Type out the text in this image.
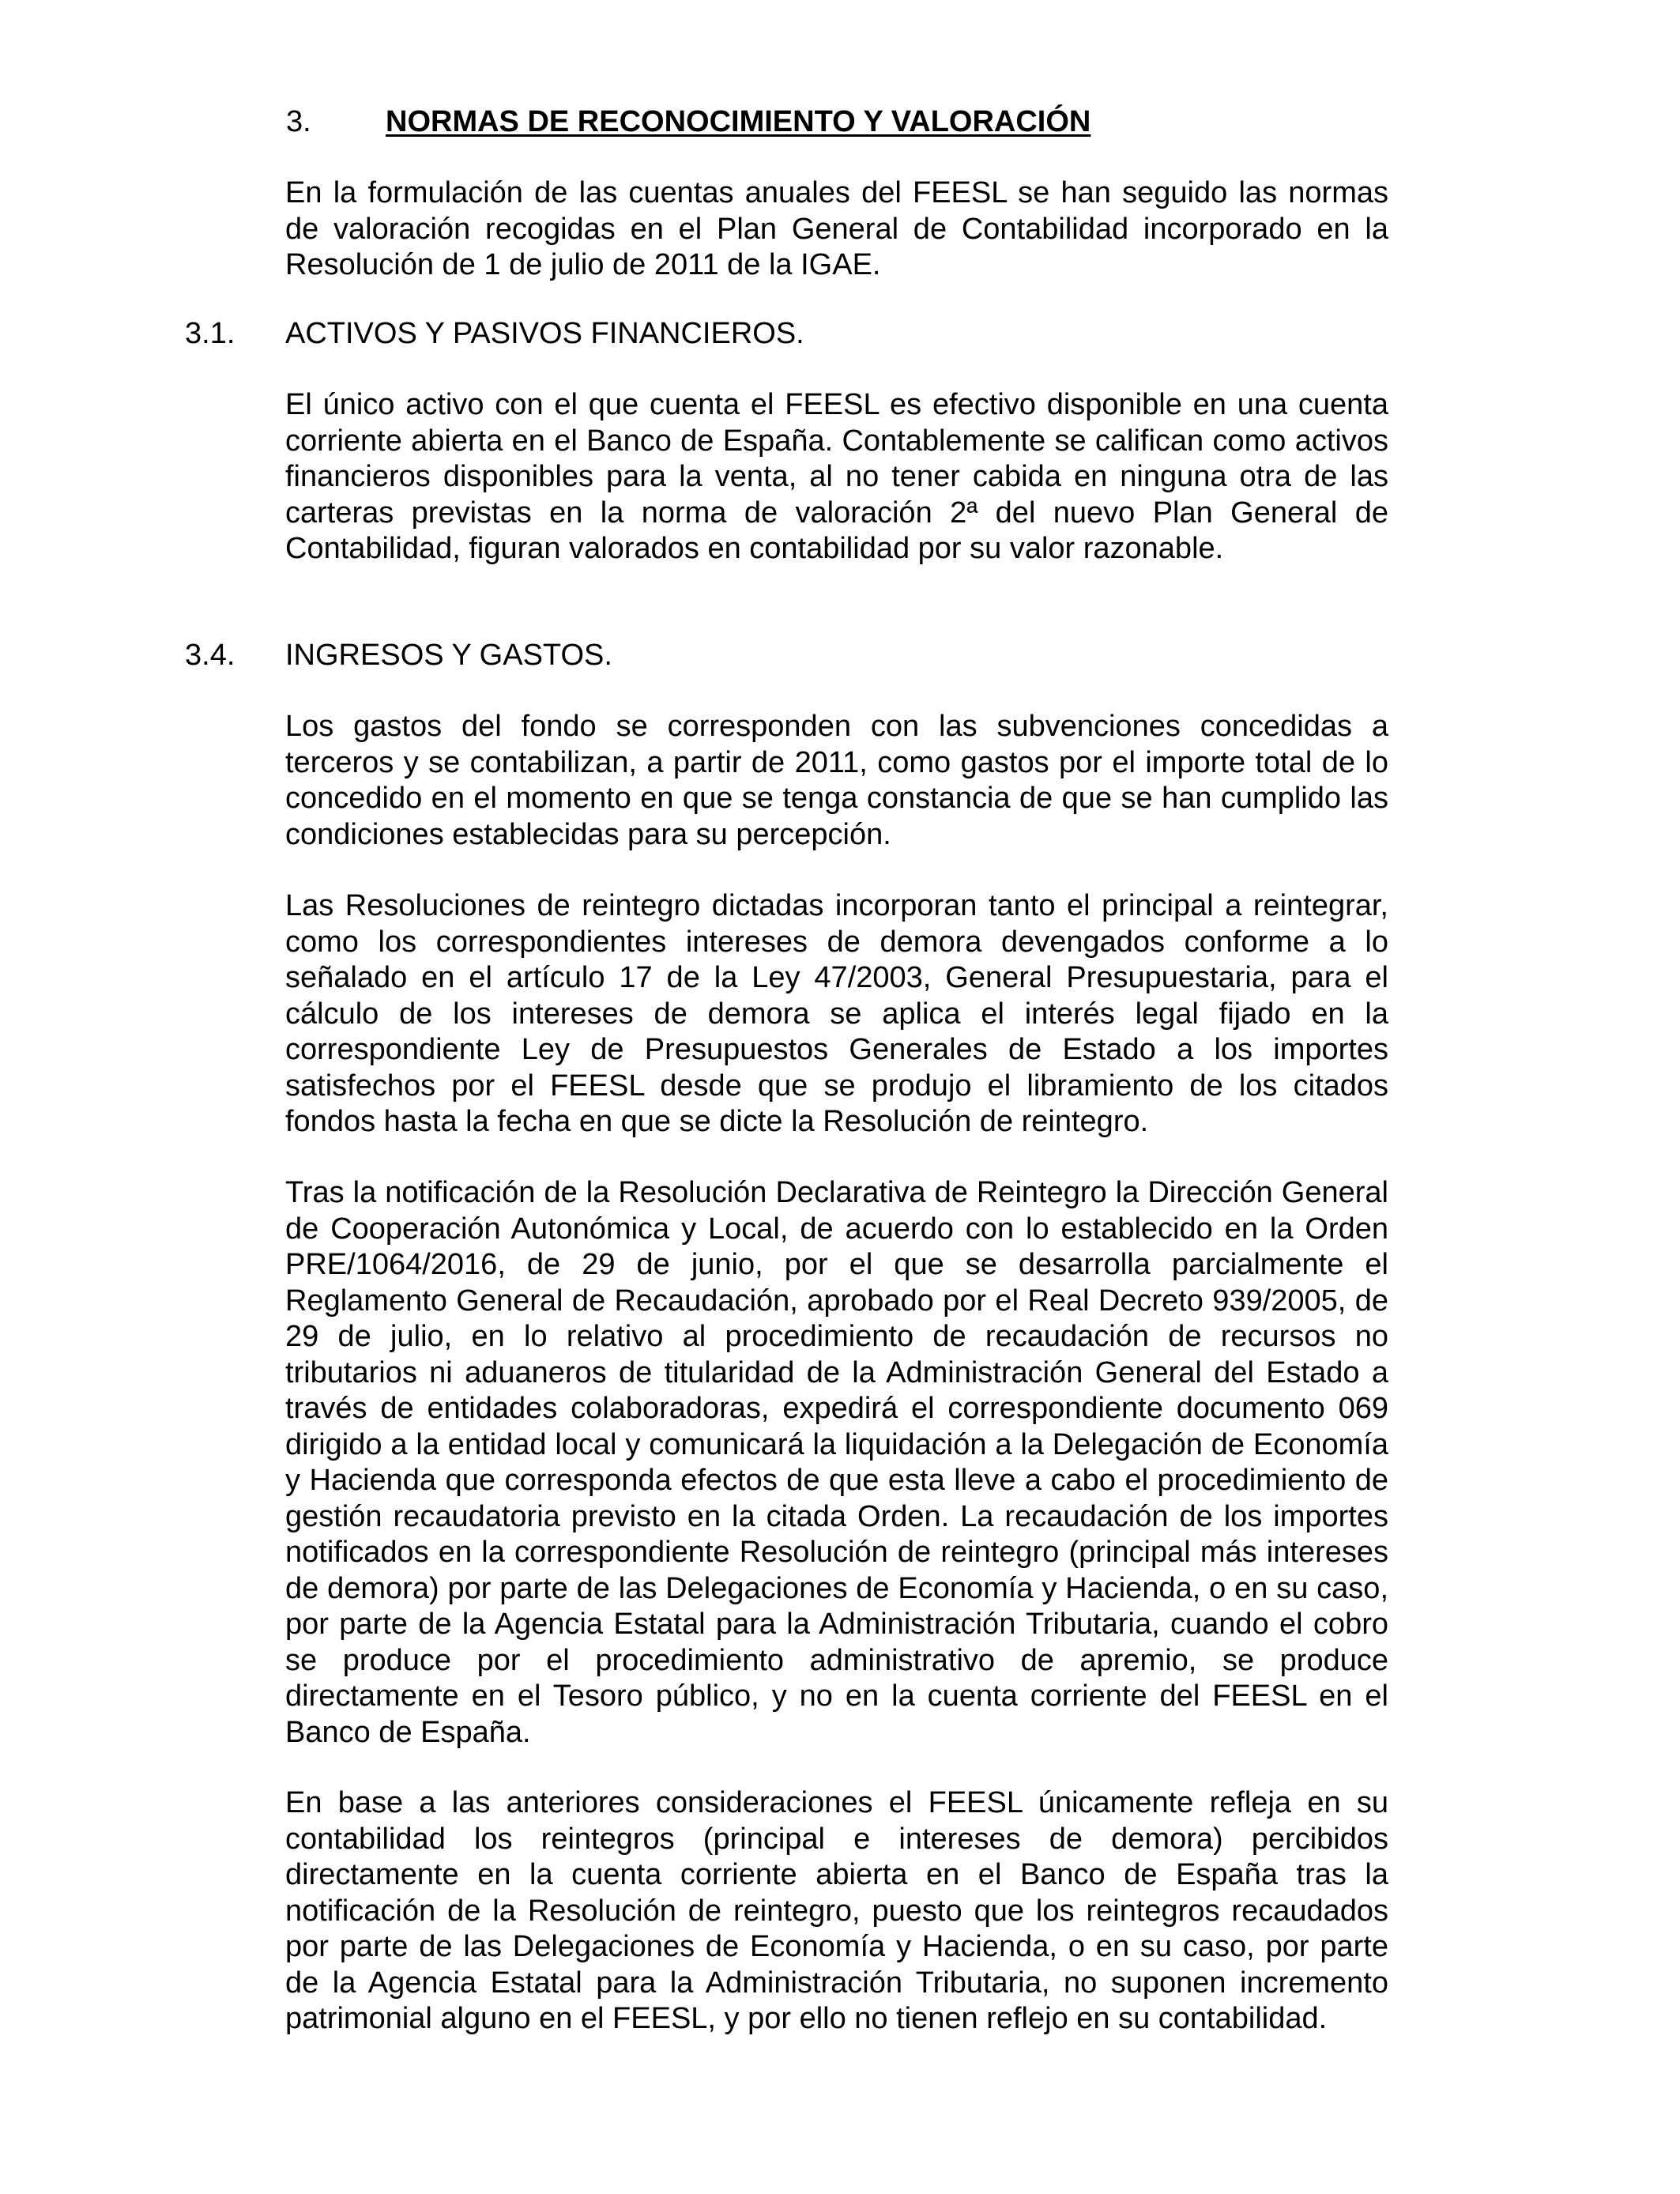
3. NORMAS DE RECONOCIMIENTO Y VALORACIÓN

En la formulación de las cuentas anuales del FEESL se han seguido las normas de valoración recogidas en el Plan General de Contabilidad incorporado en la Resolución de 1 de julio de 2011 de la IGAE.

3.1. ACTIVOS Y PASIVOS FINANCIEROS.

El único activo con el que cuenta el FEESL es efectivo disponible en una cuenta corriente abierta en el Banco de España. Contablemente se califican como activos financieros disponibles para la venta, al no tener cabida en ninguna otra de las carteras previstas en la norma de valoración 2ª del nuevo Plan General de Contabilidad, figuran valorados en contabilidad por su valor razonable.

3.4. INGRESOS Y GASTOS.

Los gastos del fondo se corresponden con las subvenciones concedidas a terceros y se contabilizan, a partir de 2011, como gastos por el importe total de lo concedido en el momento en que se tenga constancia de que se han cumplido las condiciones establecidas para su percepción.

Las Resoluciones de reintegro dictadas incorporan tanto el principal a reintegrar, como los correspondientes intereses de demora devengados conforme a lo señalado en el artículo 17 de la Ley 47/2003, General Presupuestaria, para el cálculo de los intereses de demora se aplica el interés legal fijado en la correspondiente Ley de Presupuestos Generales de Estado a los importes satisfechos por el FEESL desde que se produjo el libramiento de los citados fondos hasta la fecha en que se dicte la Resolución de reintegro.

Tras la notificación de la Resolución Declarativa de Reintegro la Dirección General de Cooperación Autonómica y Local, de acuerdo con lo establecido en la Orden PRE/1064/2016, de 29 de junio, por el que se desarrolla parcialmente el Reglamento General de Recaudación, aprobado por el Real Decreto 939/2005, de 29 de julio, en lo relativo al procedimiento de recaudación de recursos no tributarios ni aduaneros de titularidad de la Administración General del Estado a través de entidades colaboradoras, expedirá el correspondiente documento 069 dirigido a la entidad local y comunicará la liquidación a la Delegación de Economía y Hacienda que corresponda efectos de que esta lleve a cabo el procedimiento de gestión recaudatoria previsto en la citada Orden. La recaudación de los importes notificados en la correspondiente Resolución de reintegro (principal más intereses de demora) por parte de las Delegaciones de Economía y Hacienda, o en su caso, por parte de la Agencia Estatal para la Administración Tributaria, cuando el cobro se produce por el procedimiento administrativo de apremio, se produce directamente en el Tesoro público, y no en la cuenta corriente del FEESL en el Banco de España.

En base a las anteriores consideraciones el FEESL únicamente refleja en su contabilidad los reintegros (principal e intereses de demora) percibidos directamente en la cuenta corriente abierta en el Banco de España tras la notificación de la Resolución de reintegro, puesto que los reintegros recaudados por parte de las Delegaciones de Economía y Hacienda, o en su caso, por parte de la Agencia Estatal para la Administración Tributaria, no suponen incremento patrimonial alguno en el FEESL, y por ello no tienen reflejo en su contabilidad.
